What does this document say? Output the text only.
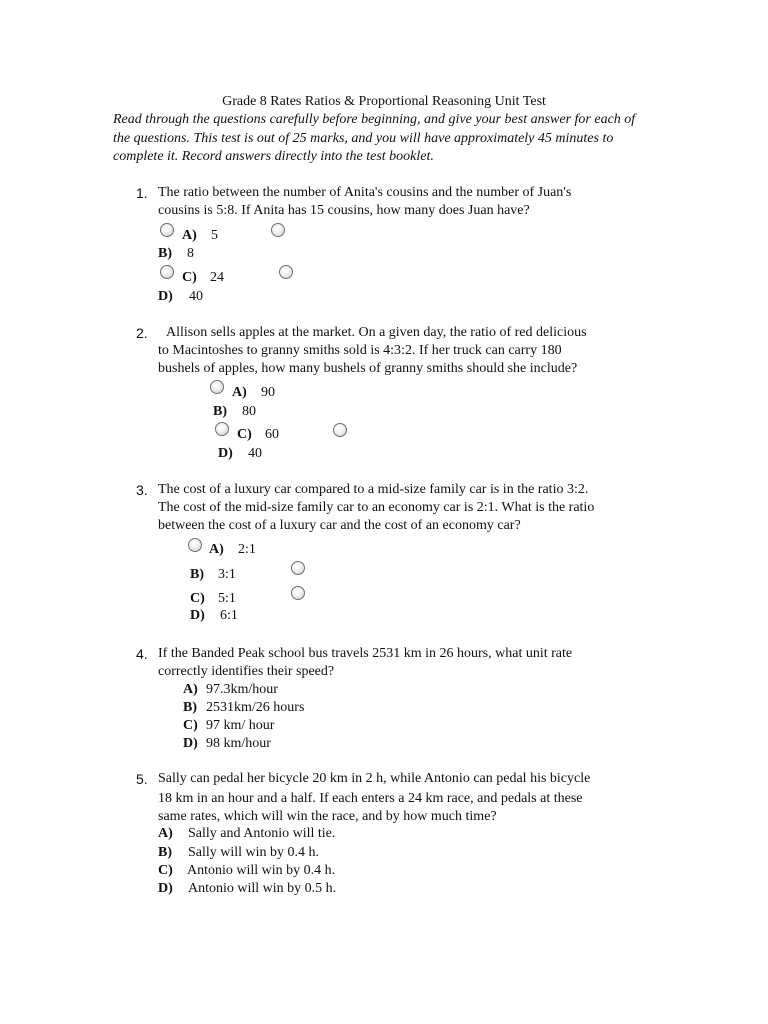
Grade 8 Rates Ratios & Proportional Reasoning Unit Test
Read through the questions carefully before beginning, and give your best answer for each of the questions. This test is out of 25 marks, and you will have approximately 45 minutes to complete it. Record answers directly into the test booklet.
1. The ratio between the number of Anita's cousins and the number of Juan's
cousins is 5:8. If Anita has 15 cousins, how many does Juan have?
A) 5
B) 8
C) 24
D) 40
2. Allison sells apples at the market. On a given day, the ratio of red delicious
to Macintoshes to granny smiths sold is 4:3:2. If her truck can carry 180
bushels of apples, how many bushels of granny smiths should she include?
A) 90
B) 80
C) 60
D) 40
3. The cost of a luxury car compared to a mid-size family car is in the ratio 3:2.
The cost of the mid-size family car to an economy car is 2:1. What is the ratio
between the cost of a luxury car and the cost of an economy car?
A) 2:1
B) 3:1
C) 5:1
D) 6:1
4. If the Banded Peak school bus travels 2531 km in 26 hours, what unit rate
correctly identifies their speed?
A) 97.3km/hour
B) 2531km/26 hours
C) 97 km/ hour
D) 98 km/hour
5. Sally can pedal her bicycle 20 km in 2 h, while Antonio can pedal his bicycle
18 km in an hour and a half. If each enters a 24 km race, and pedals at these
same rates, which will win the race, and by how much time?
A) Sally and Antonio will tie.
B) Sally will win by 0.4 h.
C) Antonio will win by 0.4 h.
D) Antonio will win by 0.5 h.
